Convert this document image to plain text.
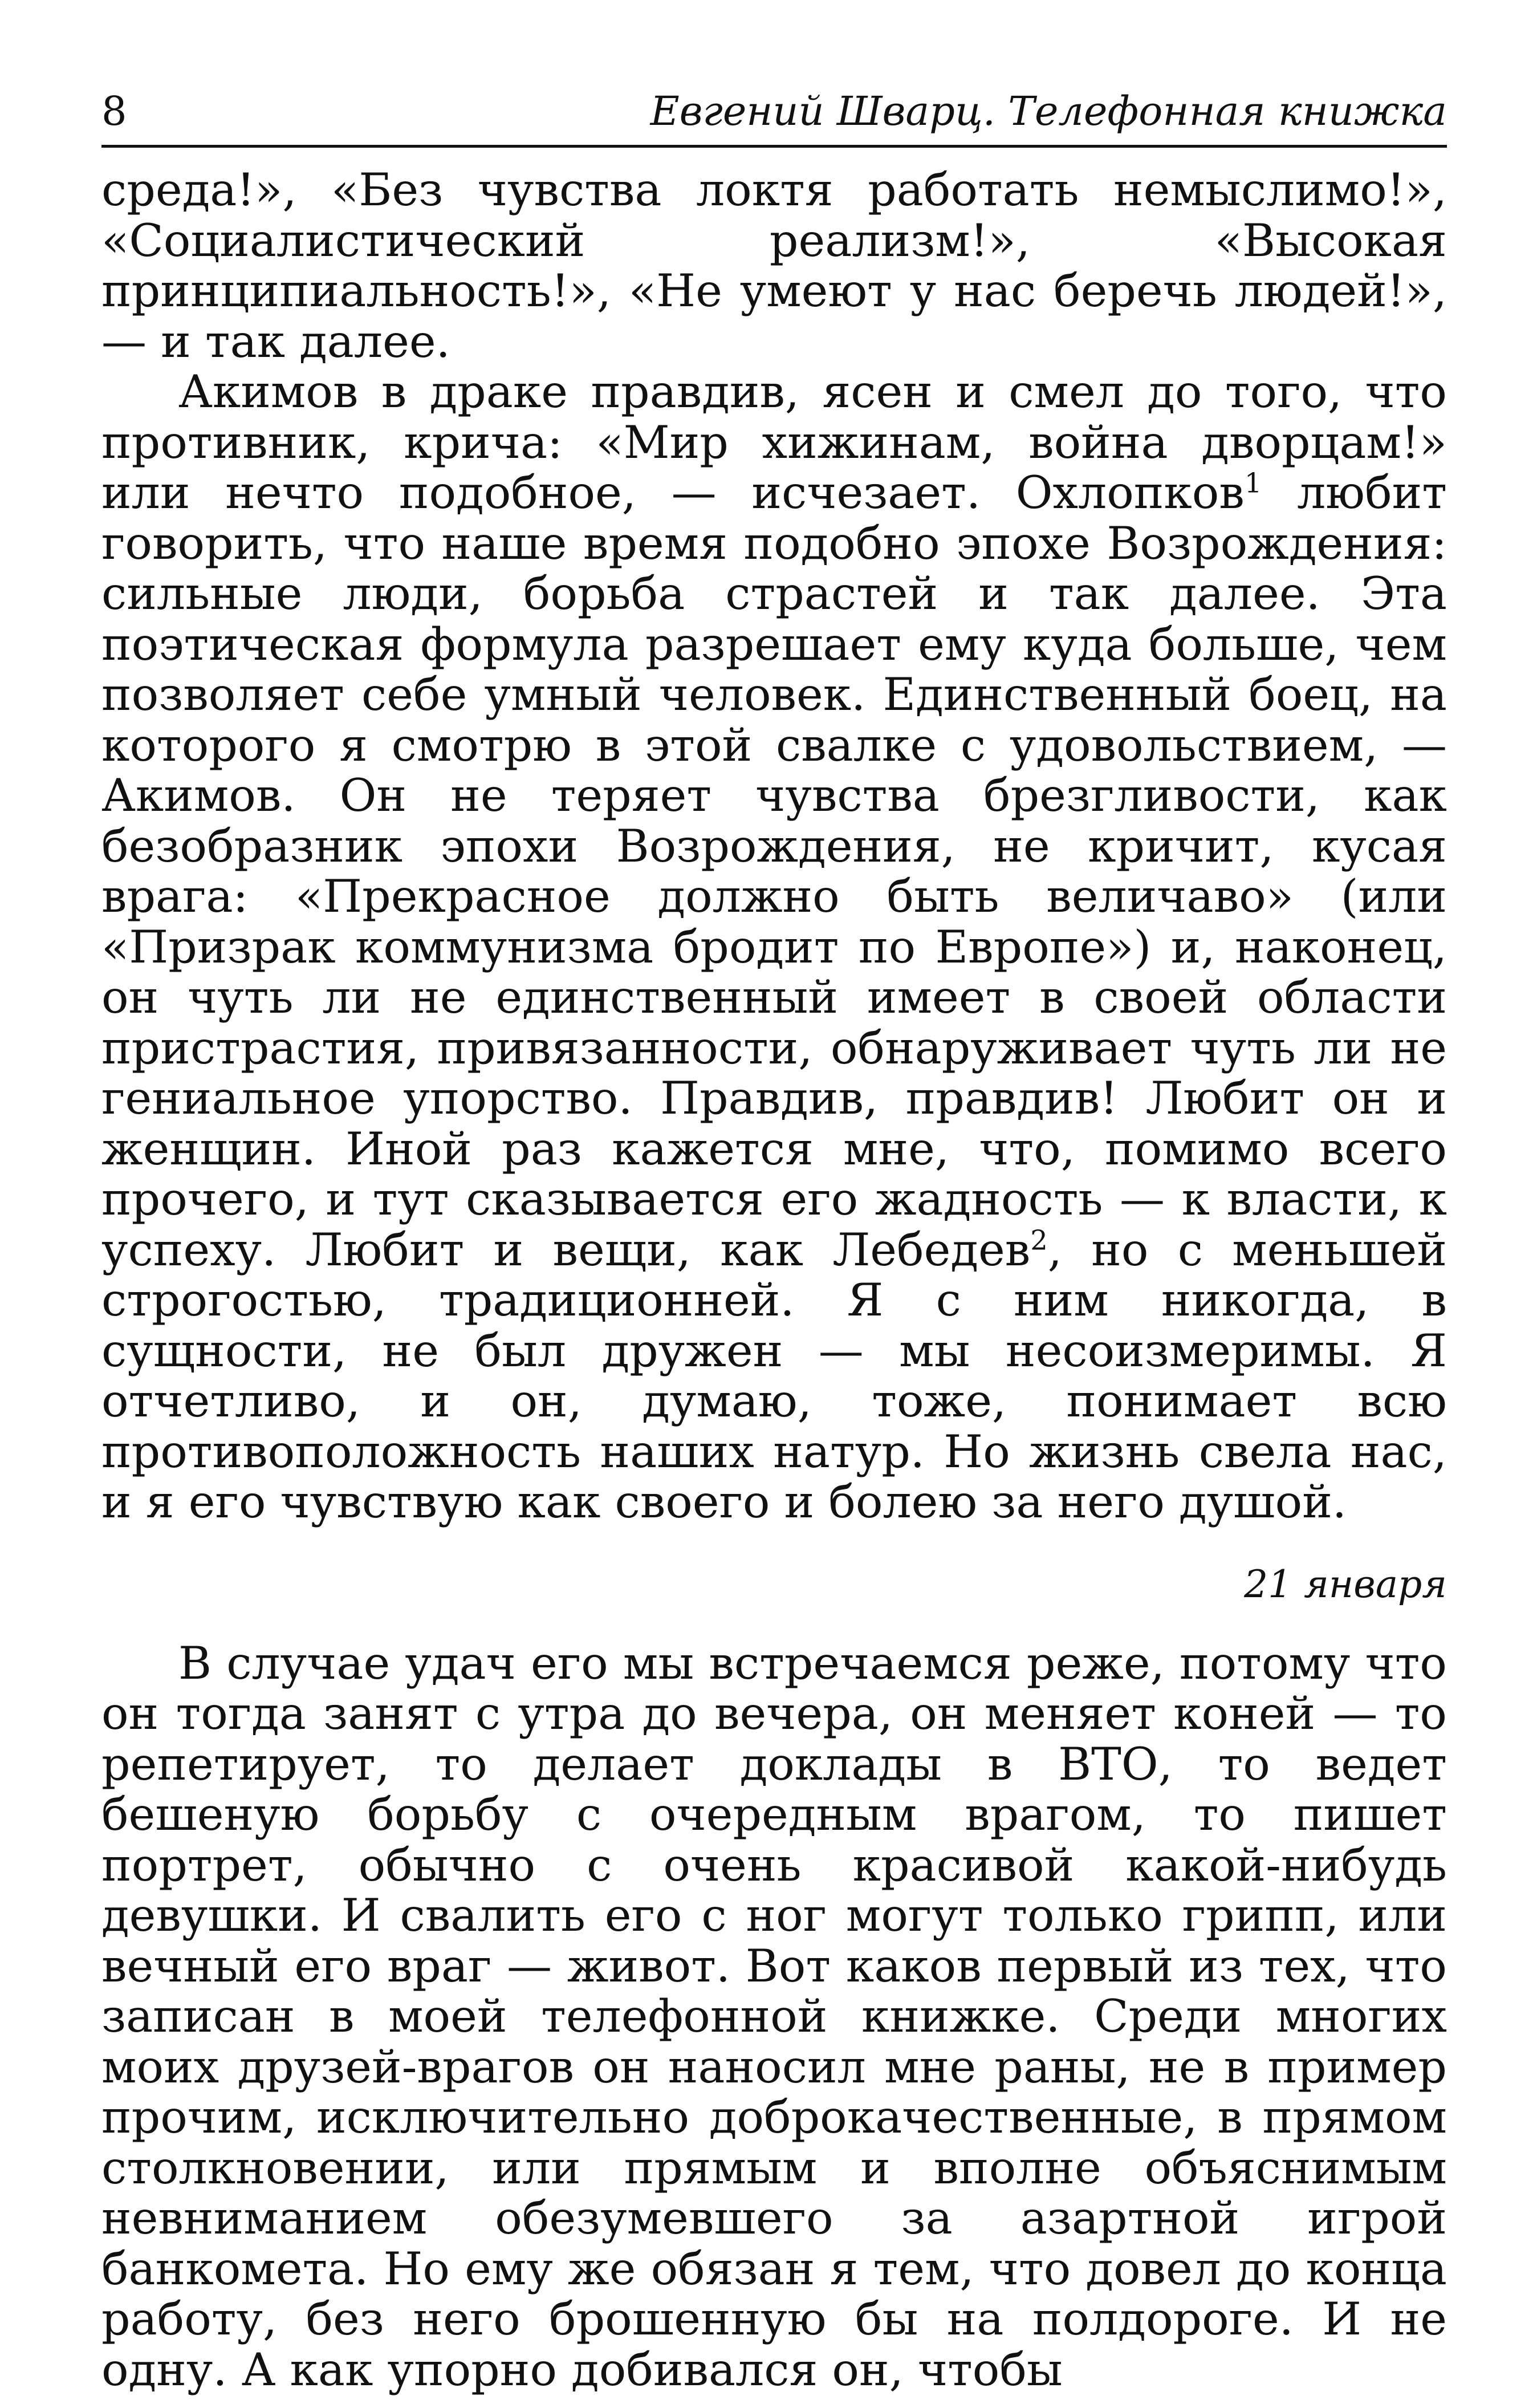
8	Евгений Шварц. Телефонная книжка

среда!», «Без чувства локтя работать немыслимо!», «Социалистический реализм!», «Высокая принципиальность!», «Не умеют у нас беречь людей!», — и так далее.

Акимов в драке правдив, ясен и смел до того, что противник, крича: «Мир хижинам, война дворцам!» или нечто подобное, — исчезает. Охлопков$^1$ любит говорить, что наше время подобно эпохе Возрождения: сильные люди, борьба страстей и так далее. Эта поэтическая формула разрешает ему куда больше, чем позволяет себе умный человек. Единственный боец, на которого я смотрю в этой свалке с удовольствием, — Акимов. Он не теряет чувства брезгливости, как безобразник эпохи Возрождения, не кричит, кусая врага: «Прекрасное должно быть величаво» (или «Призрак коммунизма бродит по Европе») и, наконец, он чуть ли не единственный имеет в своей области пристрастия, привязанности, обнаруживает чуть ли не гениальное упорство. Правдив, правдив! Любит он и женщин. Иной раз кажется мне, что, помимо всего прочего, и тут сказывается его жадность — к власти, к успеху. Любит и вещи, как Лебедев$^2$, но с меньшей строгостью, традиционней. Я с ним никогда, в сущности, не был дружен — мы несоизмеримы. Я отчетливо, и он, думаю, тоже, понимает всю противоположность наших натур. Но жизнь свела нас, и я его чувствую как своего и болею за него душой.

21 января

В случае удач его мы встречаемся реже, потому что он тогда занят с утра до вечера, он меняет коней — то репетирует, то делает доклады в ВТО, то ведет бешеную борьбу с очередным врагом, то пишет портрет, обычно с очень красивой какой-нибудь девушки. И свалить его с ног могут только грипп, или вечный его враг — живот. Вот каков первый из тех, что записан в моей телефонной книжке. Среди многих моих друзей-врагов он наносил мне раны, не в пример прочим, исключительно доброкачественные, в прямом столкновении, или прямым и вполне объяснимым невниманием обезумевшего за азартной игрой банкомета. Но ему же обязан я тем, что довел до конца работу, без него брошенную бы на полдороге. И не одну. А как упорно добивался он, чтобы
